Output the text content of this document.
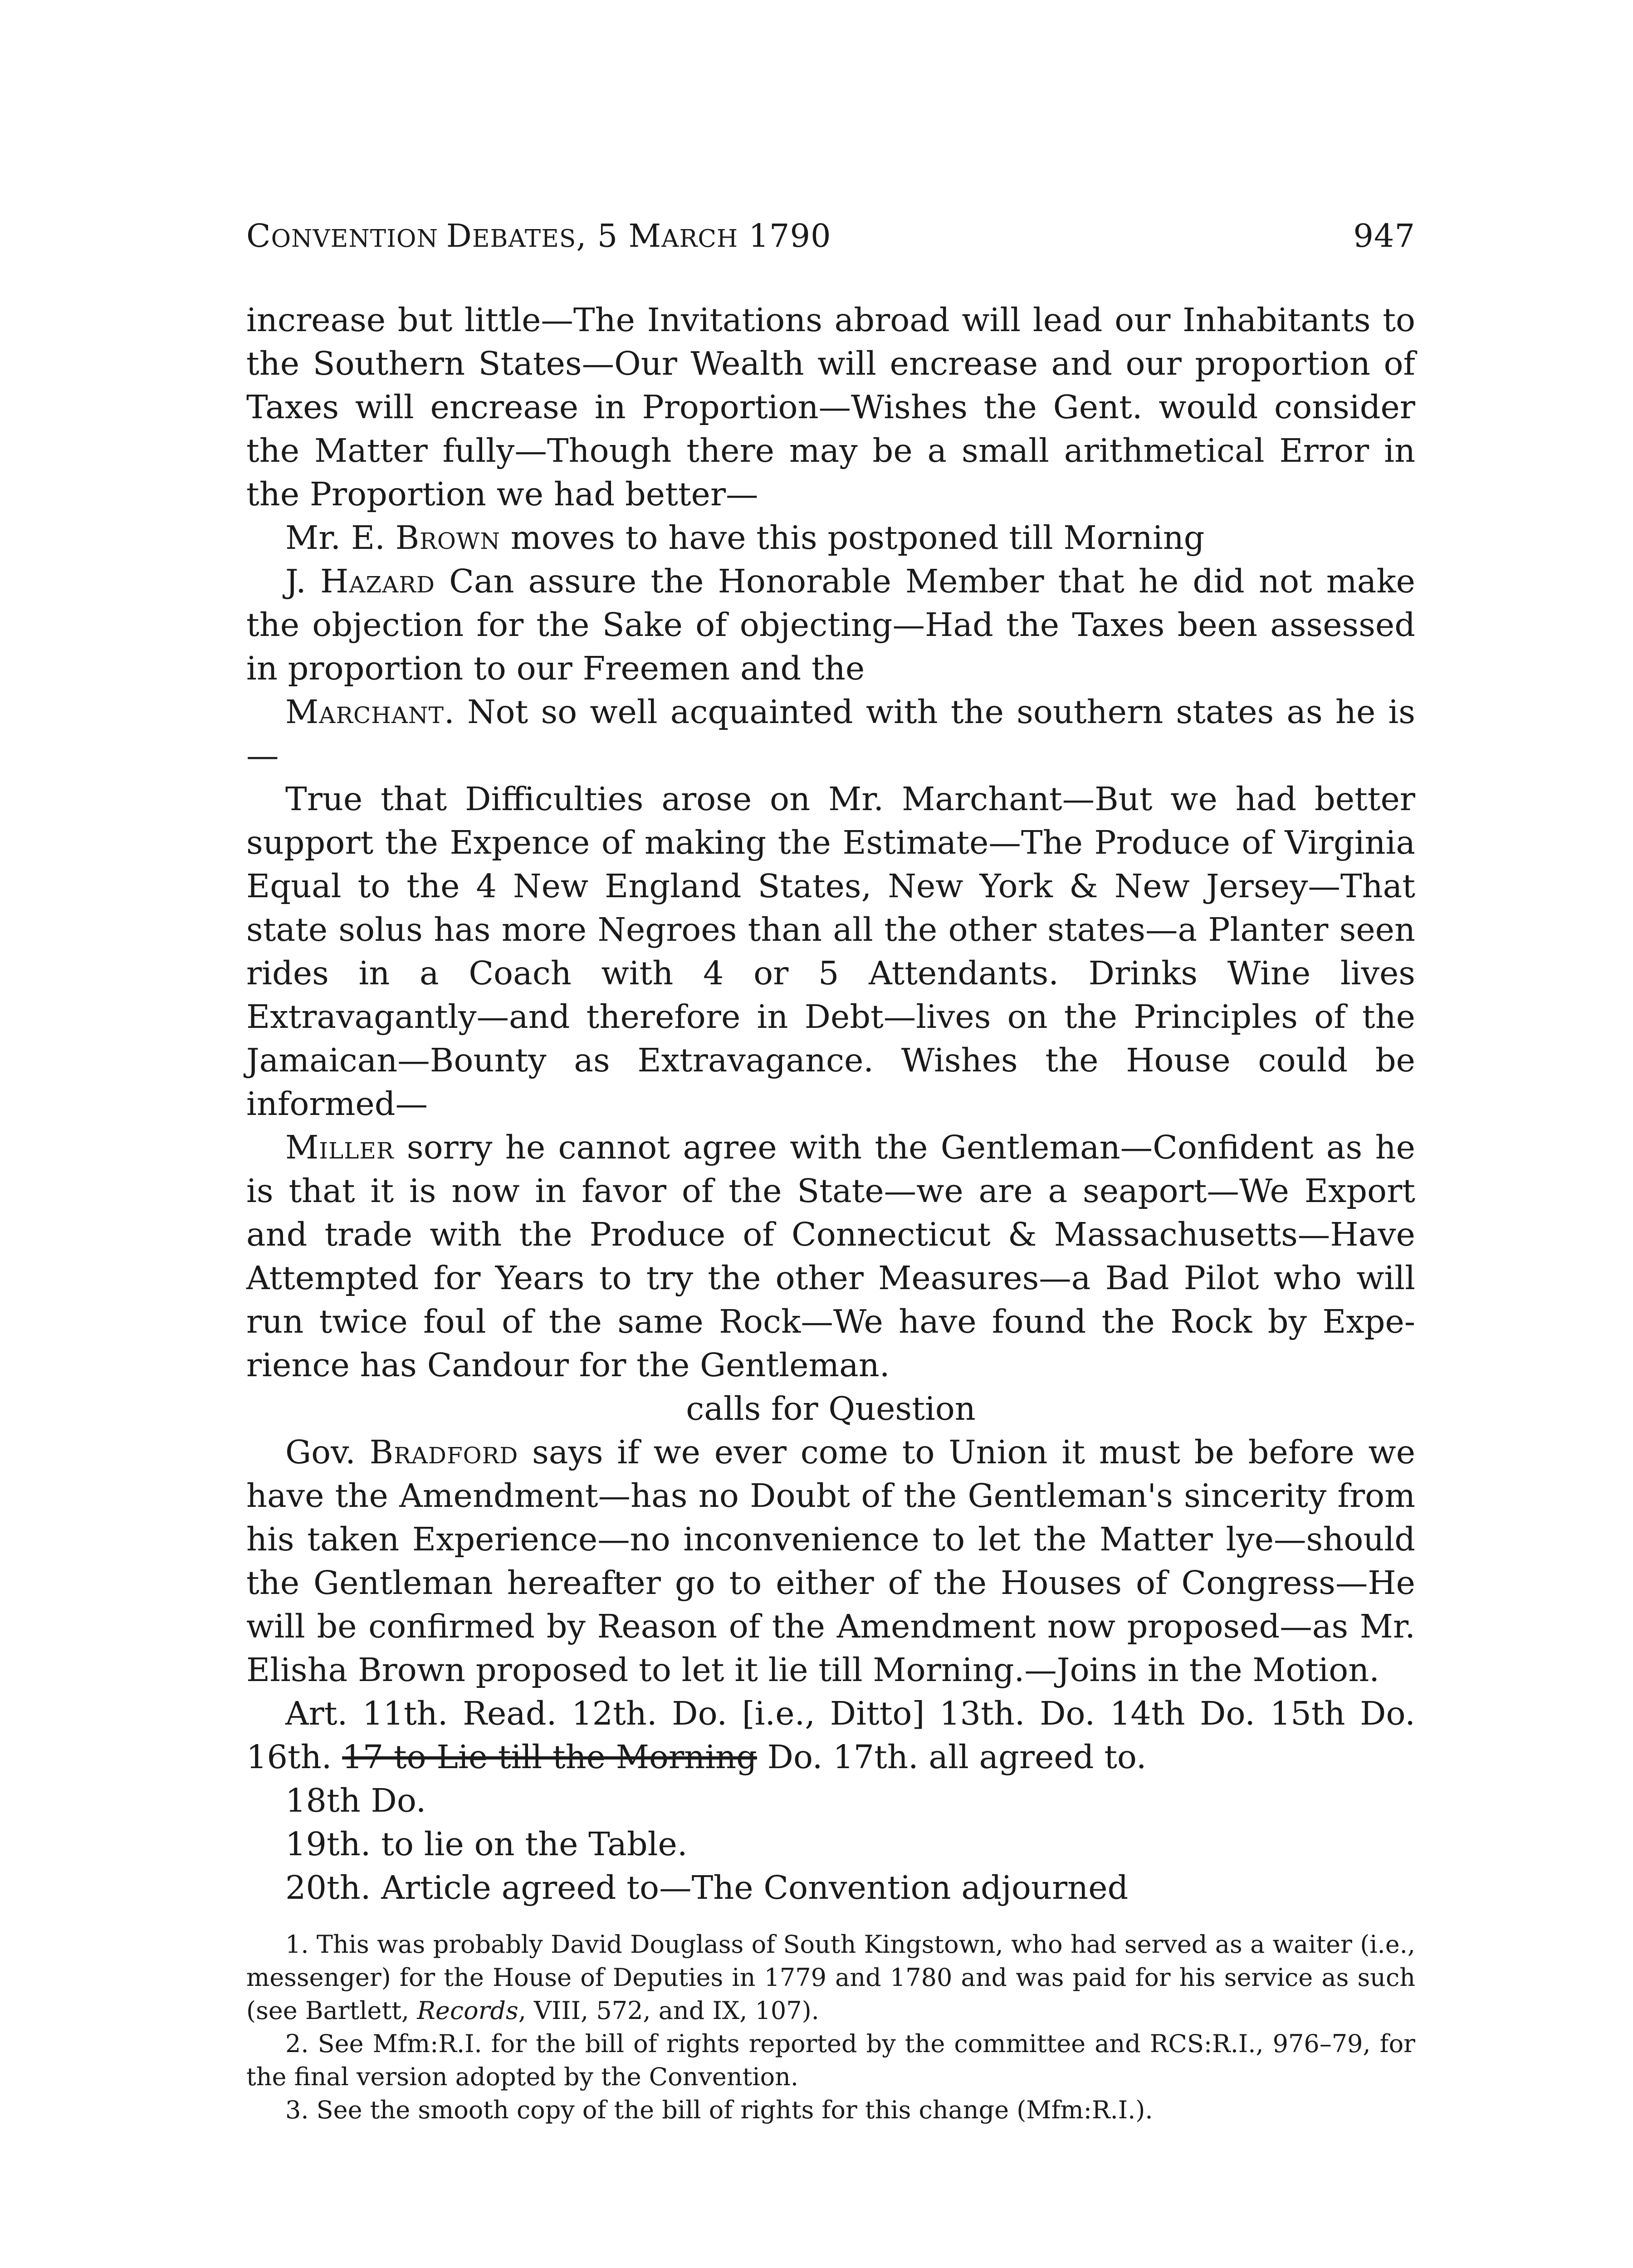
CONVENTION DEBATES, 5 MARCH 1790	947

increase but little—The Invitations abroad will lead our Inhabitants to the Southern States—Our Wealth will encrease and our proportion of Taxes will encrease in Proportion—Wishes the Gent. would consider the Matter fully—Though there may be a small arithmetical Error in the Proportion we had better—

Mr. E. Brown moves to have this postponed till Morning

J. Hazard Can assure the Honorable Member that he did not make the objection for the Sake of objecting—Had the Taxes been assessed in proportion to our Freemen and the

Marchant. Not so well acquainted with the southern states as he is—

True that Difficulties arose on Mr. Marchant—But we had better support the Expence of making the Estimate—The Produce of Virginia Equal to the 4 New England States, New York & New Jersey—That state solus has more Negroes than all the other states—a Planter seen rides in a Coach with 4 or 5 Attendants. Drinks Wine lives Extravagantly—and therefore in Debt—lives on the Principles of the Jamaican—Bounty as Extravagance. Wishes the House could be informed—

Miller sorry he cannot agree with the Gentleman—Confident as he is that it is now in favor of the State—we are a seaport—We Export and trade with the Produce of Connecticut & Massachusetts—Have Attempted for Years to try the other Measures—a Bad Pilot who will run twice foul of the same Rock—We have found the Rock by Experience has Candour for the Gentleman.

calls for Question

Gov. Bradford says if we ever come to Union it must be before we have the Amendment—has no Doubt of the Gentleman's sincerity from his taken Experience—no inconvenience to let the Matter lye—should the Gentleman hereafter go to either of the Houses of Congress—He will be confirmed by Reason of the Amendment now proposed—as Mr. Elisha Brown proposed to let it lie till Morning.—Joins in the Motion.

Art. 11th. Read. 12th. Do. [i.e., Ditto] 13th. Do. 14th Do. 15th Do. 16th. 17 to Lie till the Morning Do. 17th. all agreed to.

18th Do.

19th. to lie on the Table.

20th. Article agreed to—The Convention adjourned

1. This was probably David Douglass of South Kingstown, who had served as a waiter (i.e., messenger) for the House of Deputies in 1779 and 1780 and was paid for his service as such (see Bartlett, Records, VIII, 572, and IX, 107).

2. See Mfm:R.I. for the bill of rights reported by the committee and RCS:R.I., 976–79, for the final version adopted by the Convention.

3. See the smooth copy of the bill of rights for this change (Mfm:R.I.).
